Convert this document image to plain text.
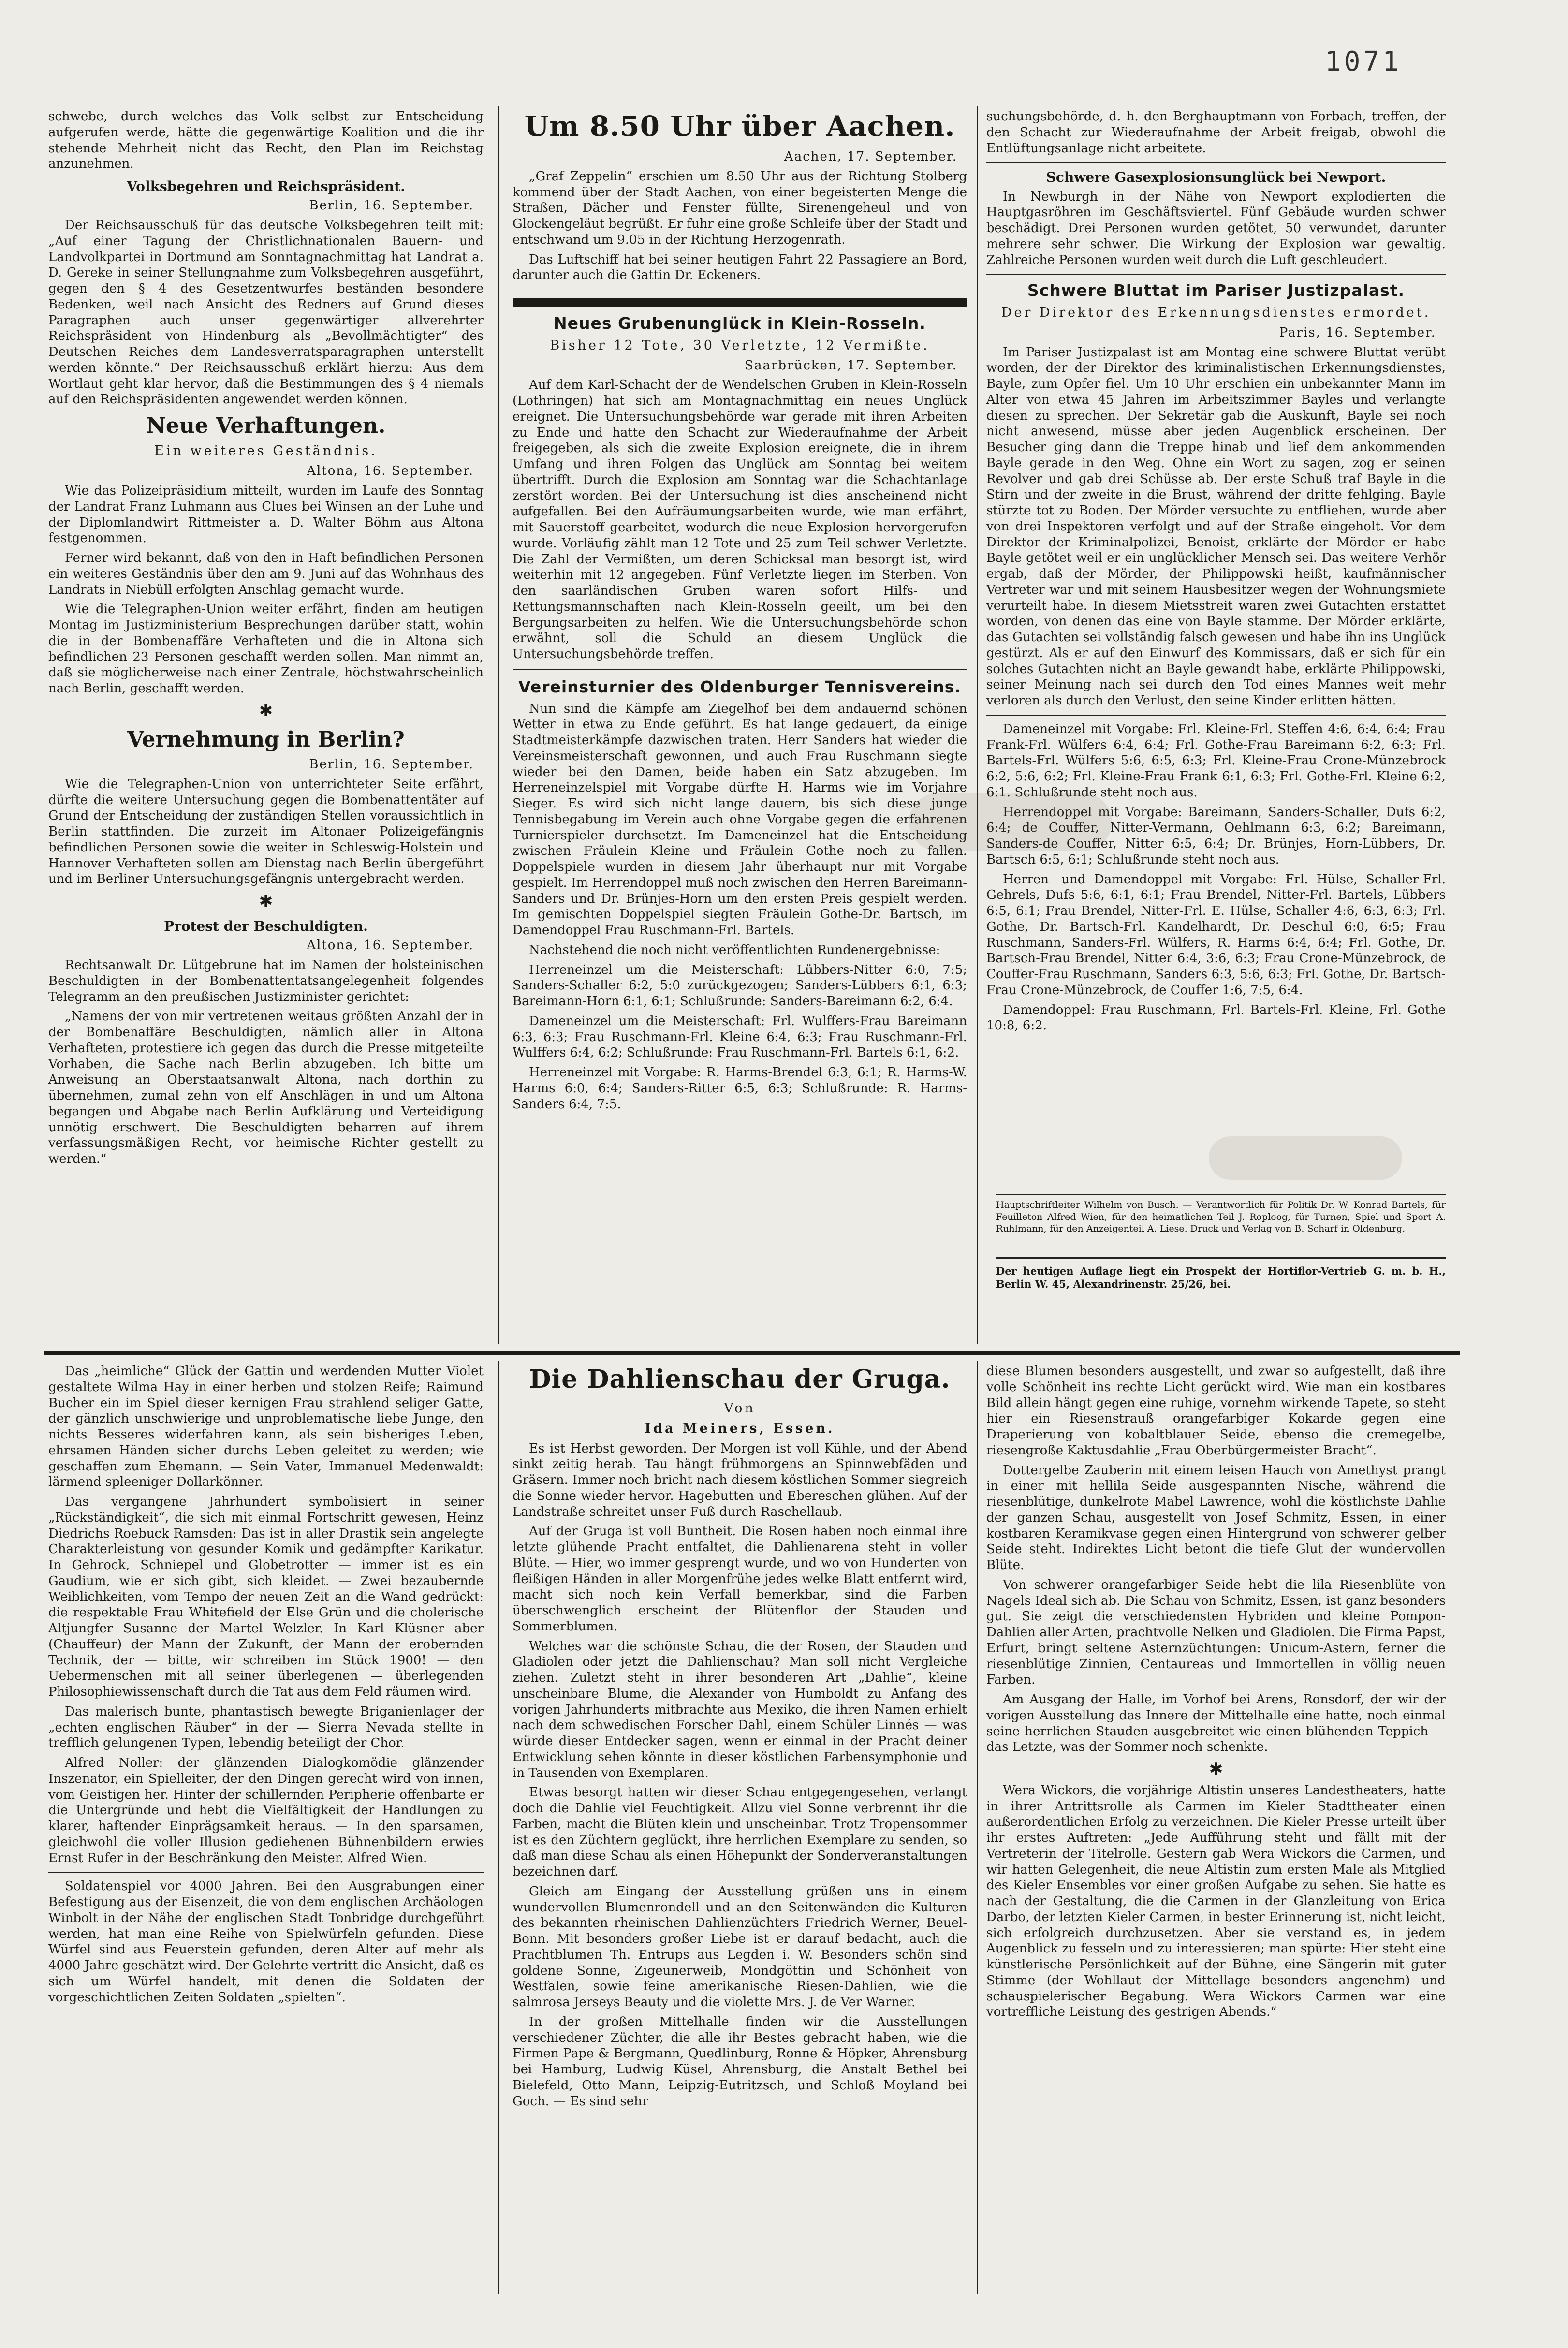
1071

schwebe, durch welches das Volk selbst zur Entscheidung aufgerufen werde, hätte die gegenwärtige Koalition und die ihr stehende Mehrheit nicht das Recht, den Plan im Reichstag anzunehmen.

Volksbegehren und Reichspräsident.
Berlin, 16. September.

Der Reichsausschuß für das deutsche Volksbegehren teilt mit: „Auf einer Tagung der Christlichnationalen Bauern- und Landvolkpartei in Dortmund am Sonntagnachmittag hat Landrat a. D. Gereke in seiner Stellungnahme zum Volksbegehren ausgeführt, gegen den § 4 des Gesetzentwurfes beständen besondere Bedenken, weil nach Ansicht des Redners auf Grund dieses Paragraphen auch unser gegenwärtiger allverehrter Reichspräsident von Hindenburg als „Bevollmächtigter“ des Deutschen Reiches dem Landesverratsparagraphen unterstellt werden könnte.“ Der Reichsausschuß erklärt hierzu: Aus dem Wortlaut geht klar hervor, daß die Bestimmungen des § 4 niemals auf den Reichspräsidenten angewendet werden können.

Neue Verhaftungen.
Ein weiteres Geständnis.
Altona, 16. September.

Wie das Polizeipräsidium mitteilt, wurden im Laufe des Sonntag der Landrat Franz Luhmann aus Clues bei Winsen an der Luhe und der Diplomlandwirt Rittmeister a. D. Walter Böhm aus Altona festgenommen.

Ferner wird bekannt, daß von den in Haft befindlichen Personen ein weiteres Geständnis über den am 9. Juni auf das Wohnhaus des Landrats in Niebüll erfolgten Anschlag gemacht wurde.

Wie die Telegraphen-Union weiter erfährt, finden am heutigen Montag im Justizministerium Besprechungen darüber statt, wohin die in der Bombenaffäre Verhafteten und die in Altona sich befindlichen 23 Personen geschafft werden sollen. Man nimmt an, daß sie möglicherweise nach einer Zentrale, höchstwahrscheinlich nach Berlin, geschafft werden.

✱
Vernehmung in Berlin?
Berlin, 16. September.

Wie die Telegraphen-Union von unterrichteter Seite erfährt, dürfte die weitere Untersuchung gegen die Bombenattentäter auf Grund der Entscheidung der zuständigen Stellen voraussichtlich in Berlin stattfinden. Die zurzeit im Altonaer Polizeigefängnis befindlichen Personen sowie die weiter in Schleswig-Holstein und Hannover Verhafteten sollen am Dienstag nach Berlin übergeführt und im Berliner Untersuchungsgefängnis untergebracht werden.

✱
Protest der Beschuldigten.
Altona, 16. September.

Rechtsanwalt Dr. Lütgebrune hat im Namen der holsteinischen Beschuldigten in der Bombenattentatsangelegenheit folgendes Telegramm an den preußischen Justizminister gerichtet:

„Namens der von mir vertretenen weitaus größten Anzahl der in der Bombenaffäre Beschuldigten, nämlich aller in Altona Verhafteten, protestiere ich gegen das durch die Presse mitgeteilte Vorhaben, die Sache nach Berlin abzugeben. Ich bitte um Anweisung an Oberstaatsanwalt Altona, nach dorthin zu übernehmen, zumal zehn von elf Anschlägen in und um Altona begangen und Abgabe nach Berlin Aufklärung und Verteidigung unnötig erschwert. Die Beschuldigten beharren auf ihrem verfassungsmäßigen Recht, vor heimische Richter gestellt zu werden.“

Um 8.50 Uhr über Aachen.
Aachen, 17. September.

„Graf Zeppelin“ erschien um 8.50 Uhr aus der Richtung Stolberg kommend über der Stadt Aachen, von einer begeisterten Menge die Straßen, Dächer und Fenster füllte, Sirenengeheul und von Glockengeläut begrüßt. Er fuhr eine große Schleife über der Stadt und entschwand um 9.05 in der Richtung Herzogenrath.

Das Luftschiff hat bei seiner heutigen Fahrt 22 Passagiere an Bord, darunter auch die Gattin Dr. Eckeners.

Neues Grubenunglück in Klein-Rosseln.
Bisher 12 Tote, 30 Verletzte, 12 Vermißte.
Saarbrücken, 17. September.

Auf dem Karl-Schacht der de Wendelschen Gruben in Klein-Rosseln (Lothringen) hat sich am Montagnachmittag ein neues Unglück ereignet. Die Untersuchungsbehörde war gerade mit ihren Arbeiten zu Ende und hatte den Schacht zur Wiederaufnahme der Arbeit freigegeben, als sich die zweite Explosion ereignete, die in ihrem Umfang und ihren Folgen das Unglück am Sonntag bei weitem übertrifft. Durch die Explosion am Sonntag war die Schachtanlage zerstört worden. Bei der Untersuchung ist dies anscheinend nicht aufgefallen. Bei den Aufräumungsarbeiten wurde, wie man erfährt, mit Sauerstoff gearbeitet, wodurch die neue Explosion hervorgerufen wurde. Vorläufig zählt man 12 Tote und 25 zum Teil schwer Verletzte. Die Zahl der Vermißten, um deren Schicksal man besorgt ist, wird weiterhin mit 12 angegeben. Fünf Verletzte liegen im Sterben. Von den saarländischen Gruben waren sofort Hilfs- und Rettungsmannschaften nach Klein-Rosseln geeilt, um bei den Bergungsarbeiten zu helfen. Wie die Untersuchungsbehörde schon erwähnt, soll die Schuld an diesem Unglück die Untersuchungsbehörde treffen.

Vereinsturnier des Oldenburger Tennisvereins.

Nun sind die Kämpfe am Ziegelhof bei dem andauernd schönen Wetter in etwa zu Ende geführt. Es hat lange gedauert, da einige Stadtmeisterkämpfe dazwischen traten. Herr Sanders hat wieder die Vereinsmeisterschaft gewonnen, und auch Frau Ruschmann siegte wieder bei den Damen, beide haben ein Satz abzugeben. Im Herreneinzelspiel mit Vorgabe dürfte H. Harms wie im Vorjahre Sieger. Es wird sich nicht lange dauern, bis sich diese junge Tennisbegabung im Verein auch ohne Vorgabe gegen die erfahrenen Turnierspieler durchsetzt. Im Dameneinzel hat die Entscheidung zwischen Fräulein Kleine und Fräulein Gothe noch zu fallen. Doppelspiele wurden in diesem Jahr überhaupt nur mit Vorgabe gespielt. Im Herrendoppel muß noch zwischen den Herren Bareimann-Sanders und Dr. Brünjes-Horn um den ersten Preis gespielt werden. Im gemischten Doppelspiel siegten Fräulein Gothe-Dr. Bartsch, im Damendoppel Frau Ruschmann-Frl. Bartels.

Nachstehend die noch nicht veröffentlichten Rundenergebnisse:

Herreneinzel um die Meisterschaft: Lübbers-Nitter 6:0, 7:5; Sanders-Schaller 6:2, 5:0 zurückgezogen; Sanders-Lübbers 6:1, 6:3; Bareimann-Horn 6:1, 6:1; Schlußrunde: Sanders-Bareimann 6:2, 6:4.

Dameneinzel um die Meisterschaft: Frl. Wulffers-Frau Bareimann 6:3, 6:3; Frau Ruschmann-Frl. Kleine 6:4, 6:3; Frau Ruschmann-Frl. Wulffers 6:4, 6:2; Schlußrunde: Frau Ruschmann-Frl. Bartels 6:1, 6:2.

Herreneinzel mit Vorgabe: R. Harms-Brendel 6:3, 6:1; R. Harms-W. Harms 6:0, 6:4; Sanders-Ritter 6:5, 6:3; Schlußrunde: R. Harms-Sanders 6:4, 7:5.

suchungsbehörde, d. h. den Berghauptmann von Forbach, treffen, der den Schacht zur Wiederaufnahme der Arbeit freigab, obwohl die Entlüftungsanlage nicht arbeitete.

Schwere Gasexplosionsunglück bei Newport.

In Newburgh in der Nähe von Newport explodierten die Hauptgasröhren im Geschäftsviertel. Fünf Gebäude wurden schwer beschädigt. Drei Personen wurden getötet, 50 verwundet, darunter mehrere sehr schwer. Die Wirkung der Explosion war gewaltig. Zahlreiche Personen wurden weit durch die Luft geschleudert.

Schwere Bluttat im Pariser Justizpalast.
Der Direktor des Erkennungsdienstes ermordet.
Paris, 16. September.

Im Pariser Justizpalast ist am Montag eine schwere Bluttat verübt worden, der der Direktor des kriminalistischen Erkennungsdienstes, Bayle, zum Opfer fiel. Um 10 Uhr erschien ein unbekannter Mann im Alter von etwa 45 Jahren im Arbeitszimmer Bayles und verlangte diesen zu sprechen. Der Sekretär gab die Auskunft, Bayle sei noch nicht anwesend, müsse aber jeden Augenblick erscheinen. Der Besucher ging dann die Treppe hinab und lief dem ankommenden Bayle gerade in den Weg. Ohne ein Wort zu sagen, zog er seinen Revolver und gab drei Schüsse ab. Der erste Schuß traf Bayle in die Stirn und der zweite in die Brust, während der dritte fehlging. Bayle stürzte tot zu Boden. Der Mörder versuchte zu entfliehen, wurde aber von drei Inspektoren verfolgt und auf der Straße eingeholt. Vor dem Direktor der Kriminalpolizei, Benoist, erklärte der Mörder er habe Bayle getötet weil er ein unglücklicher Mensch sei. Das weitere Verhör ergab, daß der Mörder, der Philippowski heißt, kaufmännischer Vertreter war und mit seinem Hausbesitzer wegen der Wohnungsmiete verurteilt habe. In diesem Mietsstreit waren zwei Gutachten erstattet worden, von denen das eine von Bayle stamme. Der Mörder erklärte, das Gutachten sei vollständig falsch gewesen und habe ihn ins Unglück gestürzt. Als er auf den Einwurf des Kommissars, daß er sich für ein solches Gutachten nicht an Bayle gewandt habe, erklärte Philippowski, seiner Meinung nach sei durch den Tod eines Mannes weit mehr verloren als durch den Verlust, den seine Kinder erlitten hätten.

Dameneinzel mit Vorgabe: Frl. Kleine-Frl. Steffen 4:6, 6:4, 6:4; Frau Frank-Frl. Wülfers 6:4, 6:4; Frl. Gothe-Frau Bareimann 6:2, 6:3; Frl. Bartels-Frl. Wülfers 5:6, 6:5, 6:3; Frl. Kleine-Frau Crone-Münzebrock 6:2, 5:6, 6:2; Frl. Kleine-Frau Frank 6:1, 6:3; Frl. Gothe-Frl. Kleine 6:2, 6:1. Schlußrunde steht noch aus.

Herrendoppel mit Vorgabe: Bareimann, Sanders-Schaller, Dufs 6:2, 6:4; de Couffer, Nitter-Vermann, Oehlmann 6:3, 6:2; Bareimann, Sanders-de Couffer, Nitter 6:5, 6:4; Dr. Brünjes, Horn-Lübbers, Dr. Bartsch 6:5, 6:1; Schlußrunde steht noch aus.

Herren- und Damendoppel mit Vorgabe: Frl. Hülse, Schaller-Frl. Gehrels, Dufs 5:6, 6:1, 6:1; Frau Brendel, Nitter-Frl. Bartels, Lübbers 6:5, 6:1; Frau Brendel, Nitter-Frl. E. Hülse, Schaller 4:6, 6:3, 6:3; Frl. Gothe, Dr. Bartsch-Frl. Kandelhardt, Dr. Deschul 6:0, 6:5; Frau Ruschmann, Sanders-Frl. Wülfers, R. Harms 6:4, 6:4; Frl. Gothe, Dr. Bartsch-Frau Brendel, Nitter 6:4, 3:6, 6:3; Frau Crone-Münzebrock, de Couffer-Frau Ruschmann, Sanders 6:3, 5:6, 6:3; Frl. Gothe, Dr. Bartsch-Frau Crone-Münzebrock, de Couffer 1:6, 7:5, 6:4.

Damendoppel: Frau Ruschmann, Frl. Bartels-Frl. Kleine, Frl. Gothe 10:8, 6:2.

Hauptschriftleiter Wilhelm von Busch. — Verantwortlich für Politik Dr. W. Konrad Bartels, für Feuilleton Alfred Wien, für den heimatlichen Teil J. Roploog, für Turnen, Spiel und Sport A. Ruhlmann, für den Anzeigenteil A. Liese. Druck und Verlag von B. Scharf in Oldenburg.
Der heutigen Auflage liegt ein Prospekt der Hortiflor-Vertrieb G. m. b. H., Berlin W. 45, Alexandrinenstr. 25/26, bei.

Das „heimliche“ Glück der Gattin und werdenden Mutter Violet gestaltete Wilma Hay in einer herben und stolzen Reife; Raimund Bucher ein im Spiel dieser kernigen Frau strahlend seliger Gatte, der gänzlich unschwierige und unproblematische liebe Junge, den nichts Besseres widerfahren kann, als sein bisheriges Leben, ehrsamen Händen sicher durchs Leben geleitet zu werden; wie geschaffen zum Ehemann. — Sein Vater, Immanuel Medenwaldt: lärmend spleeniger Dollarkönner.

Das vergangene Jahrhundert symbolisiert in seiner „Rückständigkeit“, die sich mit einmal Fortschritt gewesen, Heinz Diedrichs Roebuck Ramsden: Das ist in aller Drastik sein angelegte Charakterleistung von gesunder Komik und gedämpfter Karikatur. In Gehrock, Schniepel und Globetrotter — immer ist es ein Gaudium, wie er sich gibt, sich kleidet. — Zwei bezaubernde Weiblichkeiten, vom Tempo der neuen Zeit an die Wand gedrückt: die respektable Frau Whitefield der Else Grün und die cholerische Altjungfer Susanne der Martel Welzler. In Karl Klüsner aber (Chauffeur) der Mann der Zukunft, der Mann der erobernden Technik, der — bitte, wir schreiben im Stück 1900! — den Uebermenschen mit all seiner überlegenen — überlegenden Philosophiewissenschaft durch die Tat aus dem Feld räumen wird.

Das malerisch bunte, phantastisch bewegte Briganienlager der „echten englischen Räuber“ in der — Sierra Nevada stellte in trefflich gelungenen Typen, lebendig beteiligt der Chor.

Alfred Noller: der glänzenden Dialogkomödie glänzender Inszenator, ein Spielleiter, der den Dingen gerecht wird von innen, vom Geistigen her. Hinter der schillernden Peripherie offenbarte er die Untergründe und hebt die Vielfältigkeit der Handlungen zu klarer, haftender Einprägsamkeit heraus. — In den sparsamen, gleichwohl die voller Illusion gediehenen Bühnenbildern erwies Ernst Rufer in der Beschränkung den Meister. Alfred Wien.

Soldatenspiel vor 4000 Jahren. Bei den Ausgrabungen einer Befestigung aus der Eisenzeit, die von dem englischen Archäologen Winbolt in der Nähe der englischen Stadt Tonbridge durchgeführt werden, hat man eine Reihe von Spielwürfeln gefunden. Diese Würfel sind aus Feuerstein gefunden, deren Alter auf mehr als 4000 Jahre geschätzt wird. Der Gelehrte vertritt die Ansicht, daß es sich um Würfel handelt, mit denen die Soldaten der vorgeschichtlichen Zeiten Soldaten „spielten“.

Die Dahlienschau der Gruga.
Von
Ida Meiners, Essen.

Es ist Herbst geworden. Der Morgen ist voll Kühle, und der Abend sinkt zeitig herab. Tau hängt frühmorgens an Spinnwebfäden und Gräsern. Immer noch bricht nach diesem köstlichen Sommer siegreich die Sonne wieder hervor. Hagebutten und Ebereschen glühen. Auf der Landstraße schreitet unser Fuß durch Raschellaub.

Auf der Gruga ist voll Buntheit. Die Rosen haben noch einmal ihre letzte glühende Pracht entfaltet, die Dahlienarena steht in voller Blüte. — Hier, wo immer gesprengt wurde, und wo von Hunderten von fleißigen Händen in aller Morgenfrühe jedes welke Blatt entfernt wird, macht sich noch kein Verfall bemerkbar, sind die Farben überschwenglich erscheint der Blütenflor der Stauden und Sommerblumen.

Welches war die schönste Schau, die der Rosen, der Stauden und Gladiolen oder jetzt die Dahlienschau? Man soll nicht Vergleiche ziehen. Zuletzt steht in ihrer besonderen Art „Dahlie“, kleine unscheinbare Blume, die Alexander von Humboldt zu Anfang des vorigen Jahrhunderts mitbrachte aus Mexiko, die ihren Namen erhielt nach dem schwedischen Forscher Dahl, einem Schüler Linnés — was würde dieser Entdecker sagen, wenn er einmal in der Pracht deiner Entwicklung sehen könnte in dieser köstlichen Farbensymphonie und in Tausenden von Exemplaren.

Etwas besorgt hatten wir dieser Schau entgegengesehen, verlangt doch die Dahlie viel Feuchtigkeit. Allzu viel Sonne verbrennt ihr die Farben, macht die Blüten klein und unscheinbar. Trotz Tropensommer ist es den Züchtern geglückt, ihre herrlichen Exemplare zu senden, so daß man diese Schau als einen Höhepunkt der Sonderveranstaltungen bezeichnen darf.

Gleich am Eingang der Ausstellung grüßen uns in einem wundervollen Blumenrondell und an den Seitenwänden die Kulturen des bekannten rheinischen Dahlienzüchters Friedrich Werner, Beuel-Bonn. Mit besonders großer Liebe ist er darauf bedacht, auch die Prachtblumen Th. Entrups aus Legden i. W. Besonders schön sind goldene Sonne, Zigeunerweib, Mondgöttin und Schönheit von Westfalen, sowie feine amerikanische Riesen-Dahlien, wie die salmrosa Jerseys Beauty und die violette Mrs. J. de Ver Warner.

In der großen Mittelhalle finden wir die Ausstellungen verschiedener Züchter, die alle ihr Bestes gebracht haben, wie die Firmen Pape & Bergmann, Quedlinburg, Ronne & Höpker, Ahrensburg bei Hamburg, Ludwig Küsel, Ahrensburg, die Anstalt Bethel bei Bielefeld, Otto Mann, Leipzig-Eutritzsch, und Schloß Moyland bei Goch. — Es sind sehr

diese Blumen besonders ausgestellt, und zwar so aufgestellt, daß ihre volle Schönheit ins rechte Licht gerückt wird. Wie man ein kostbares Bild allein hängt gegen eine ruhige, vornehm wirkende Tapete, so steht hier ein Riesenstrauß orangefarbiger Kokarde gegen eine Draperierung von kobaltblauer Seide, ebenso die cremegelbe, riesengroße Kaktusdahlie „Frau Oberbürgermeister Bracht“.

Dottergelbe Zauberin mit einem leisen Hauch von Amethyst prangt in einer mit hellila Seide ausgespannten Nische, während die riesenblütige, dunkelrote Mabel Lawrence, wohl die köstlichste Dahlie der ganzen Schau, ausgestellt von Josef Schmitz, Essen, in einer kostbaren Keramikvase gegen einen Hintergrund von schwerer gelber Seide steht. Indirektes Licht betont die tiefe Glut der wundervollen Blüte.

Von schwerer orangefarbiger Seide hebt die lila Riesenblüte von Nagels Ideal sich ab. Die Schau von Schmitz, Essen, ist ganz besonders gut. Sie zeigt die verschiedensten Hybriden und kleine Pompon-Dahlien aller Arten, prachtvolle Nelken und Gladiolen. Die Firma Papst, Erfurt, bringt seltene Asternzüchtungen: Unicum-Astern, ferner die riesenblütige Zinnien, Centaureas und Immortellen in völlig neuen Farben.

Am Ausgang der Halle, im Vorhof bei Arens, Ronsdorf, der wir der vorigen Ausstellung das Innere der Mittelhalle eine hatte, noch einmal seine herrlichen Stauden ausgebreitet wie einen blühenden Teppich — das Letzte, was der Sommer noch schenkte.

✱

Wera Wickors, die vorjährige Altistin unseres Landestheaters, hatte in ihrer Antrittsrolle als Carmen im Kieler Stadttheater einen außerordentlichen Erfolg zu verzeichnen. Die Kieler Presse urteilt über ihr erstes Auftreten: „Jede Aufführung steht und fällt mit der Vertreterin der Titelrolle. Gestern gab Wera Wickors die Carmen, und wir hatten Gelegenheit, die neue Altistin zum ersten Male als Mitglied des Kieler Ensembles vor einer großen Aufgabe zu sehen. Sie hatte es nach der Gestaltung, die die Carmen in der Glanzleitung von Erica Darbo, der letzten Kieler Carmen, in bester Erinnerung ist, nicht leicht, sich erfolgreich durchzusetzen. Aber sie verstand es, in jedem Augenblick zu fesseln und zu interessieren; man spürte: Hier steht eine künstlerische Persönlichkeit auf der Bühne, eine Sängerin mit guter Stimme (der Wohllaut der Mittellage besonders angenehm) und schauspielerischer Begabung. Wera Wickors Carmen war eine vortreffliche Leistung des gestrigen Abends.“
